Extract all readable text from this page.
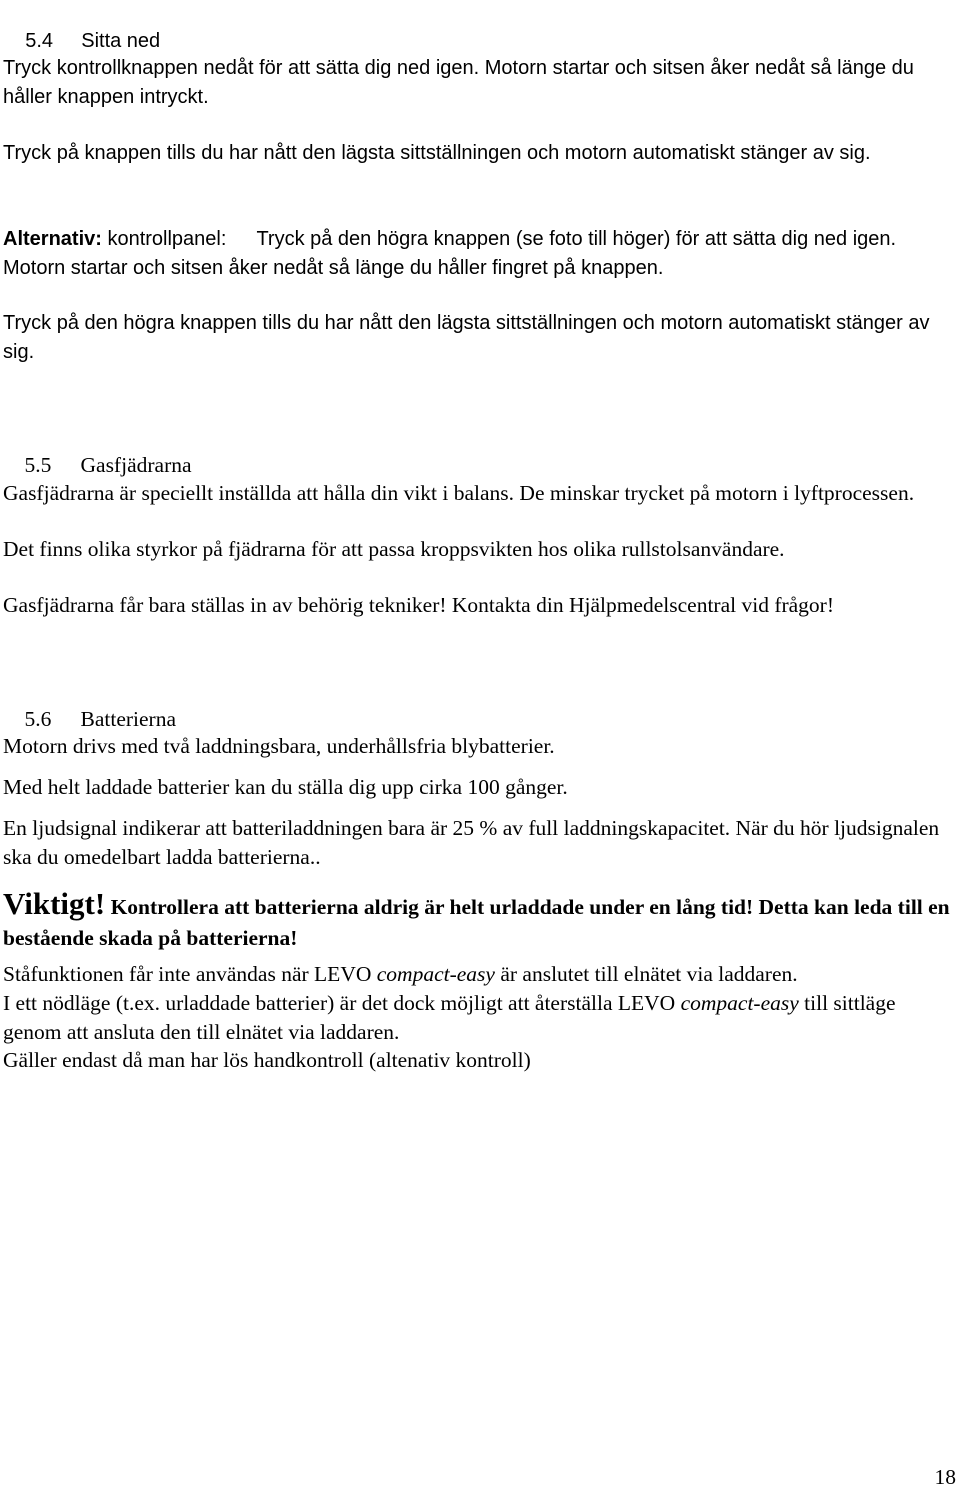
5.4 Sitta ned

Tryck kontrollknappen nedåt för att sätta dig ned igen. Motorn startar och sitsen åker nedåt så länge du håller knappen intryckt.
Tryck på knappen tills du har nått den lägsta sittställningen och motorn automatiskt stänger av sig.
Alternativ: kontrollpanel: Tryck på den högra knappen (se foto till höger) för att sätta dig ned igen. Motorn startar och sitsen åker nedåt så länge du håller fingret på knappen.
Tryck på den högra knappen tills du har nått den lägsta sittställningen och motorn automatiskt stänger av sig.

5.5 Gasfjädrarna

Gasfjädrarna är speciellt inställda att hålla din vikt i balans. De minskar trycket på motorn i lyftprocessen.
Det finns olika styrkor på fjädrarna för att passa kroppsvikten hos olika rullstolsanvändare.
Gasfjädrarna får bara ställas in av behörig tekniker! Kontakta din Hjälpmedelscentral vid frågor!

5.6 Batterierna

Motorn drivs med två laddningsbara, underhållsfria blybatterier.
Med helt laddade batterier kan du ställa dig upp cirka 100 gånger.
En ljudsignal indikerar att batteriladdningen bara är 25 % av full laddningskapacitet. När du hör ljudsignalen ska du omedelbart ladda batterierna..
Viktigt! Kontrollera att batterierna aldrig är helt urladdade under en lång tid! Detta kan leda till en bestående skada på batterierna!
Ståfunktionen får inte användas när LEVO compact-easy är anslutet till elnätet via laddaren.
I ett nödläge (t.ex. urladdade batterier) är det dock möjligt att återställa LEVO compact-easy till sittläge genom att ansluta den till elnätet via laddaren.
Gäller endast då man har lös handkontroll (altenativ kontroll)
18
